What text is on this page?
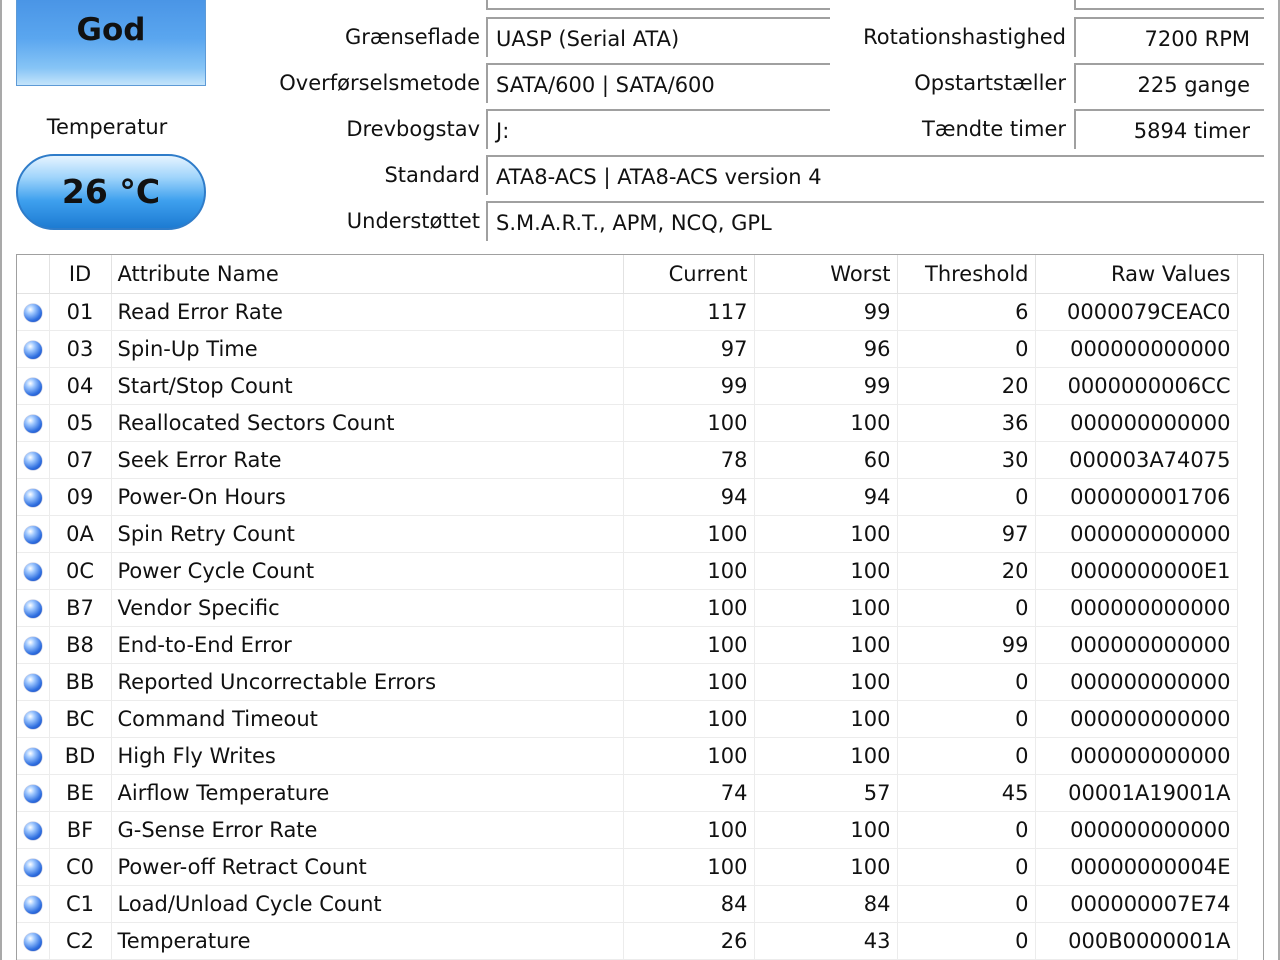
God
Temperatur
26 °C
Grænseflade UASP (Serial ATA)
Overførselsmetode SATA/600 | SATA/600
Drevbogstav J:
Standard ATA8-ACS | ATA8-ACS version 4
Understøttet S.M.A.R.T., APM, NCQ, GPL
Rotationshastighed	7200 RPM
Opstartstæller	225 gange
Tændte timer	5894 timer
	ID	Attribute Name	Current	Worst	Threshold	Raw Values
	01	Read Error Rate	117	99	6	0000079CEAC0
	03	Spin-Up Time	97	96	0	000000000000
	04	Start/Stop Count	99	99	20	0000000006CC
	05	Reallocated Sectors Count	100	100	36	000000000000
	07	Seek Error Rate	78	60	30	000003A74075
	09	Power-On Hours	94	94	0	000000001706
	0A	Spin Retry Count	100	100	97	000000000000
	0C	Power Cycle Count	100	100	20	0000000000E1
	B7	Vendor Specific	100	100	0	000000000000
	B8	End-to-End Error	100	100	99	000000000000
	BB	Reported Uncorrectable Errors	100	100	0	000000000000
	BC	Command Timeout	100	100	0	000000000000
	BD	High Fly Writes	100	100	0	000000000000
	BE	Airflow Temperature	74	57	45	00001A19001A
	BF	G-Sense Error Rate	100	100	0	000000000000
	C0	Power-off Retract Count	100	100	0	00000000004E
	C1	Load/Unload Cycle Count	84	84	0	000000007E74
	C2	Temperature	26	43	0	000B0000001A
